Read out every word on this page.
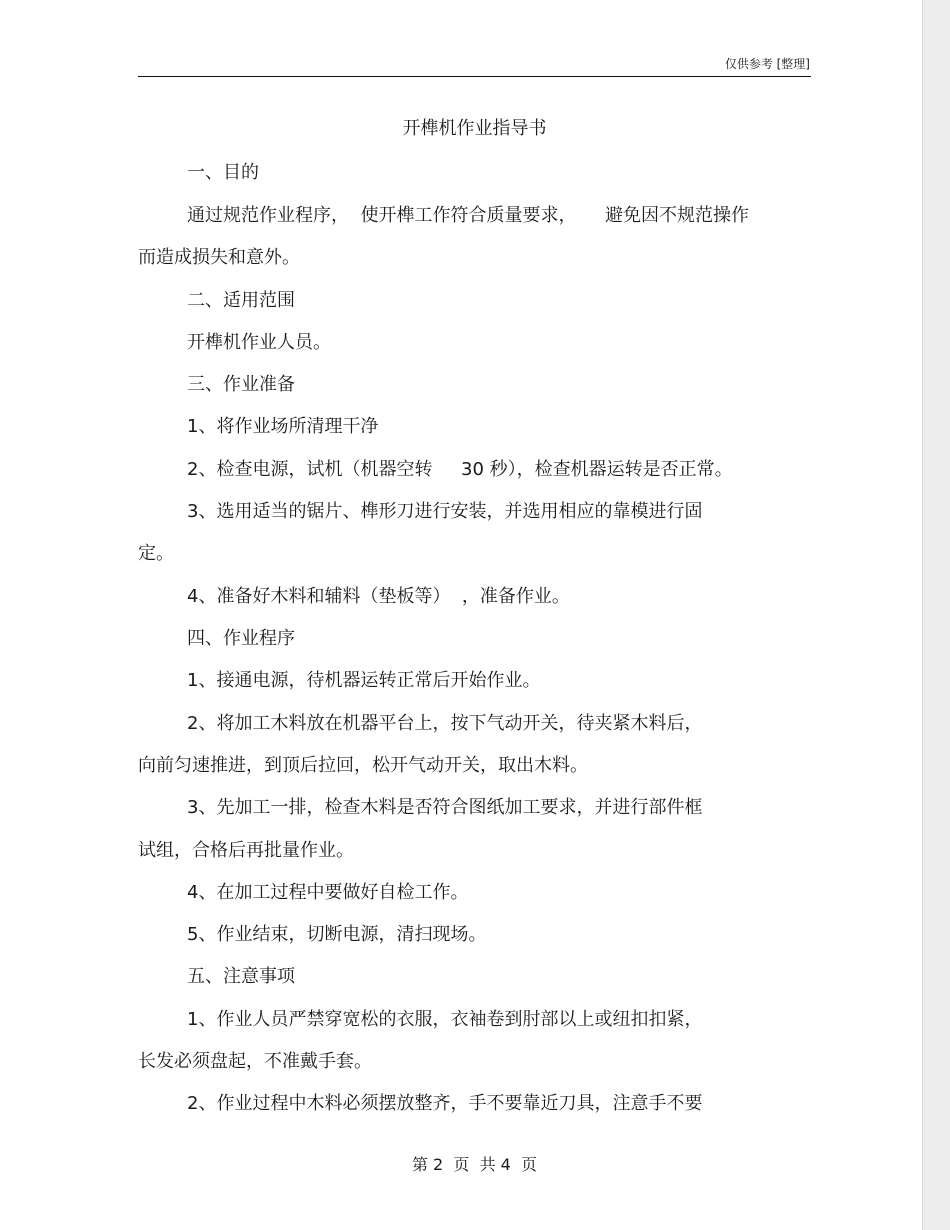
仅供参考 [整理]
开榫机作业指导书
一、目的
通过规范作业程序，  使开榫工作符合质量要求，     避免因不规范操作
而造成损失和意外。
二、适用范围
开榫机作业人员。
三、作业准备
1、将作业场所清理干净
2、检查电源，试机（机器空转     30 秒），检查机器运转是否正常。
3、选用适当的锯片、榫形刀进行安装，并选用相应的靠模进行固
定。
4、准备好木料和辅料（垫板等）  ，准备作业。
四、作业程序
1、接通电源，待机器运转正常后开始作业。
2、将加工木料放在机器平台上，按下气动开关，待夹紧木料后，
向前匀速推进，到顶后拉回，松开气动开关，取出木料。
3、先加工一排，检查木料是否符合图纸加工要求，并进行部件框
试组，合格后再批量作业。
4、在加工过程中要做好自检工作。
5、作业结束，切断电源，清扫现场。
五、注意事项
1、作业人员严禁穿宽松的衣服，衣袖卷到肘部以上或纽扣扣紧，
长发必须盘起，不准戴手套。
2、作业过程中木料必须摆放整齐，手不要靠近刀具，注意手不要
第 2  页  共 4  页
